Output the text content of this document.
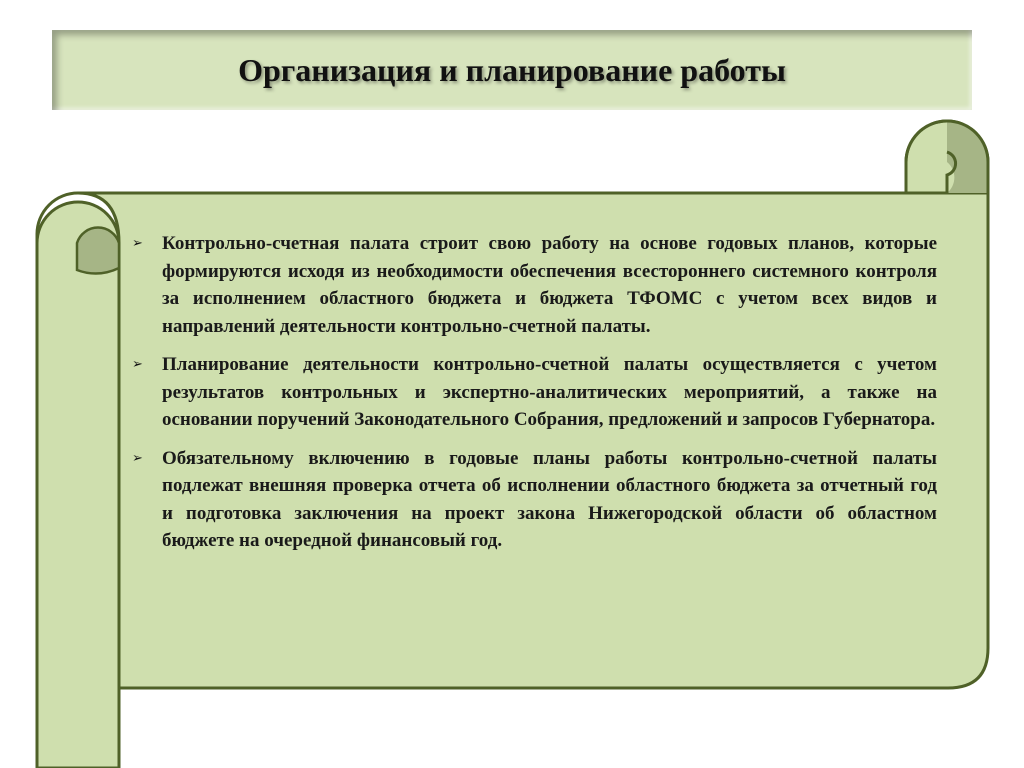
Организация и планирование работы
➢	Контрольно-счетная палата строит свою работу на основе годовых планов, которые формируются исходя из необходимости обеспечения всестороннего системного контроля за исполнением областного бюджета и бюджета ТФОМС с учетом всех видов и направлений деятельности контрольно-счетной палаты.
➢	Планирование деятельности контрольно-счетной палаты осуществляется с учетом результатов контрольных и экспертно-аналитических мероприятий, а также на основании поручений Законодательного Собрания, предложений и запросов Губернатора.
➢	Обязательному включению в годовые планы работы контрольно-счетной палаты подлежат внешняя проверка отчета об исполнении областного бюджета за отчетный год и подготовка заключения на проект закона Нижегородской области об областном бюджете на очередной финансовый год.
